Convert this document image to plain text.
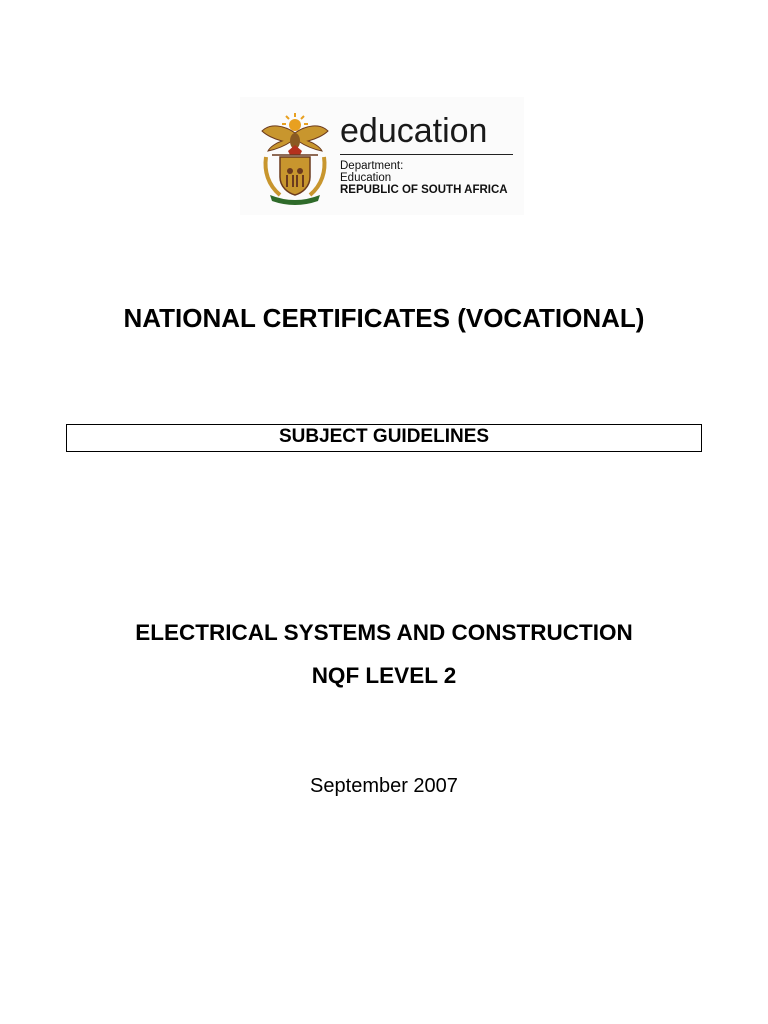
education
Department:
Education
REPUBLIC OF SOUTH AFRICA
NATIONAL CERTIFICATES (VOCATIONAL)
SUBJECT GUIDELINES
ELECTRICAL SYSTEMS AND CONSTRUCTION
NQF LEVEL 2
September 2007
